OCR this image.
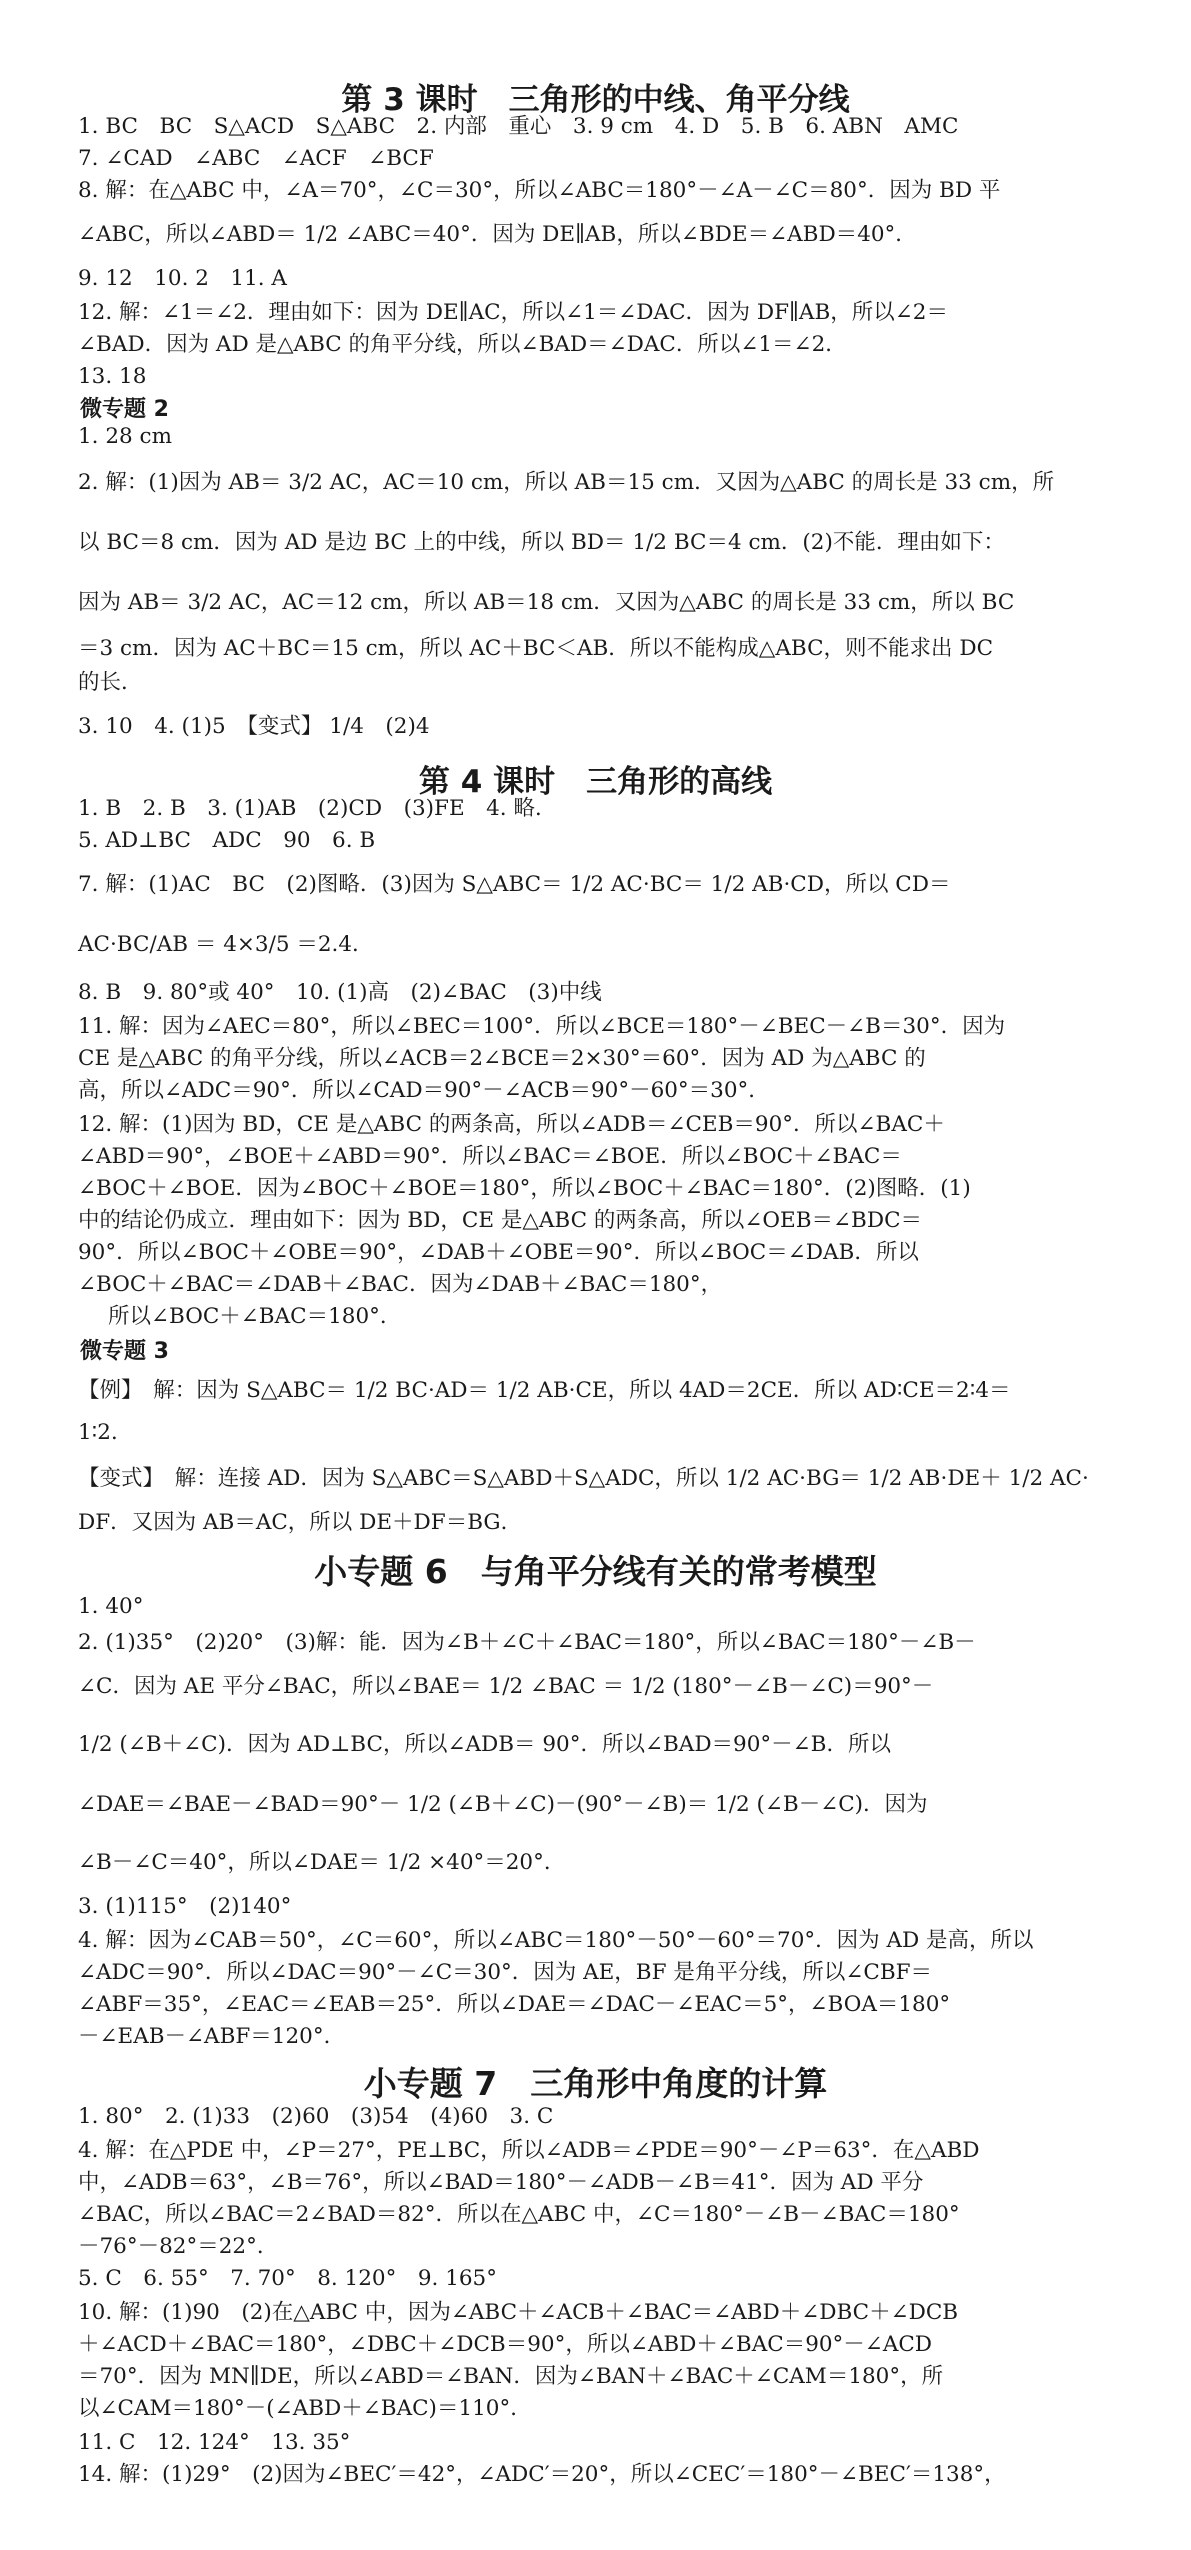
第 3 课时　三角形的中线、角平分线
1. BC　BC　S△ACD　S△ABC　2. 内部　重心　3. 9 cm　4. D　5. B　6. ABN　AMC
7. ∠CAD　∠ABC　∠ACF　∠BCF
8. 解：在△ABC 中，∠A＝70°，∠C＝30°，所以∠ABC＝180°－∠A－∠C＝80°．因为 BD 平
∠ABC，所以∠ABD＝ 1/2 ∠ABC＝40°．因为 DE∥AB，所以∠BDE＝∠ABD＝40°．
9. 12　10. 2　11. A
12. 解：∠1＝∠2．理由如下：因为 DE∥AC，所以∠1＝∠DAC．因为 DF∥AB，所以∠2＝
∠BAD．因为 AD 是△ABC 的角平分线，所以∠BAD＝∠DAC．所以∠1＝∠2．
13. 18
微专题 2
1. 28 cm
2. 解：(1)因为 AB＝ 3/2 AC，AC＝10 cm，所以 AB＝15 cm．又因为△ABC 的周长是 33 cm，所
以 BC＝8 cm．因为 AD 是边 BC 上的中线，所以 BD＝ 1/2 BC＝4 cm．(2)不能．理由如下：
因为 AB＝ 3/2 AC，AC＝12 cm，所以 AB＝18 cm．又因为△ABC 的周长是 33 cm，所以 BC
＝3 cm．因为 AC＋BC＝15 cm，所以 AC＋BC＜AB．所以不能构成△ABC，则不能求出 DC
的长．
3. 10　4. (1)5　【变式】 1/4　(2)4
第 4 课时　三角形的高线
1. B　2. B　3. (1)AB　(2)CD　(3)FE　4. 略．
5. AD⊥BC　ADC　90　6. B
7. 解：(1)AC　BC　(2)图略．(3)因为 S△ABC＝ 1/2 AC·BC＝ 1/2 AB·CD，所以 CD＝
AC·BC/AB ＝ 4×3/5 ＝2.4．
8. B　9. 80°或 40°　10. (1)高　(2)∠BAC　(3)中线
11. 解：因为∠AEC＝80°，所以∠BEC＝100°．所以∠BCE＝180°－∠BEC－∠B＝30°．因为
CE 是△ABC 的角平分线，所以∠ACB＝2∠BCE＝2×30°＝60°．因为 AD 为△ABC 的
高，所以∠ADC＝90°．所以∠CAD＝90°－∠ACB＝90°－60°＝30°．
12. 解：(1)因为 BD，CE 是△ABC 的两条高，所以∠ADB＝∠CEB＝90°．所以∠BAC＋
∠ABD＝90°，∠BOE＋∠ABD＝90°．所以∠BAC＝∠BOE．所以∠BOC＋∠BAC＝
∠BOC＋∠BOE．因为∠BOC＋∠BOE＝180°，所以∠BOC＋∠BAC＝180°．(2)图略．(1)
中的结论仍成立．理由如下：因为 BD，CE 是△ABC 的两条高，所以∠OEB＝∠BDC＝
90°．所以∠BOC＋∠OBE＝90°，∠DAB＋∠OBE＝90°．所以∠BOC＝∠DAB．所以
∠BOC＋∠BAC＝∠DAB＋∠BAC．因为∠DAB＋∠BAC＝180°，
所以∠BOC＋∠BAC＝180°．
微专题 3
【例】　解：因为 S△ABC＝ 1/2 BC·AD＝ 1/2 AB·CE，所以 4AD＝2CE．所以 AD∶CE＝2∶4＝
1∶2．
【变式】　解：连接 AD．因为 S△ABC＝S△ABD＋S△ADC，所以 1/2 AC·BG＝ 1/2 AB·DE＋ 1/2 AC·
DF．又因为 AB＝AC，所以 DE＋DF＝BG．
小专题 6　与角平分线有关的常考模型
1. 40°
2. (1)35°　(2)20°　(3)解：能．因为∠B＋∠C＋∠BAC＝180°，所以∠BAC＝180°－∠B－
∠C．因为 AE 平分∠BAC，所以∠BAE＝ 1/2 ∠BAC ＝ 1/2 (180°－∠B－∠C)＝90°－
1/2 (∠B＋∠C)．因为 AD⊥BC，所以∠ADB＝ 90°．所以∠BAD＝90°－∠B．所以
∠DAE＝∠BAE－∠BAD＝90°－ 1/2 (∠B＋∠C)－(90°－∠B)＝ 1/2 (∠B－∠C)．因为
∠B－∠C＝40°，所以∠DAE＝ 1/2 ×40°＝20°．
3. (1)115°　(2)140°
4. 解：因为∠CAB＝50°，∠C＝60°，所以∠ABC＝180°－50°－60°＝70°．因为 AD 是高，所以
∠ADC＝90°．所以∠DAC＝90°－∠C＝30°．因为 AE，BF 是角平分线，所以∠CBF＝
∠ABF＝35°，∠EAC＝∠EAB＝25°．所以∠DAE＝∠DAC－∠EAC＝5°，∠BOA＝180°
－∠EAB－∠ABF＝120°．
小专题 7　三角形中角度的计算
1. 80°　2. (1)33　(2)60　(3)54　(4)60　3. C
4. 解：在△PDE 中，∠P＝27°，PE⊥BC，所以∠ADB＝∠PDE＝90°－∠P＝63°．在△ABD
中，∠ADB＝63°，∠B＝76°，所以∠BAD＝180°－∠ADB－∠B＝41°．因为 AD 平分
∠BAC，所以∠BAC＝2∠BAD＝82°．所以在△ABC 中，∠C＝180°－∠B－∠BAC＝180°
－76°－82°＝22°．
5. C　6. 55°　7. 70°　8. 120°　9. 165°
10. 解：(1)90　(2)在△ABC 中，因为∠ABC＋∠ACB＋∠BAC＝∠ABD＋∠DBC＋∠DCB
＋∠ACD＋∠BAC＝180°，∠DBC＋∠DCB＝90°，所以∠ABD＋∠BAC＝90°－∠ACD
＝70°．因为 MN∥DE，所以∠ABD＝∠BAN．因为∠BAN＋∠BAC＋∠CAM＝180°，所
以∠CAM＝180°－(∠ABD＋∠BAC)＝110°．
11. C　12. 124°　13. 35°
14. 解：(1)29°　(2)因为∠BEC′＝42°，∠ADC′＝20°，所以∠CEC′＝180°－∠BEC′＝138°，
